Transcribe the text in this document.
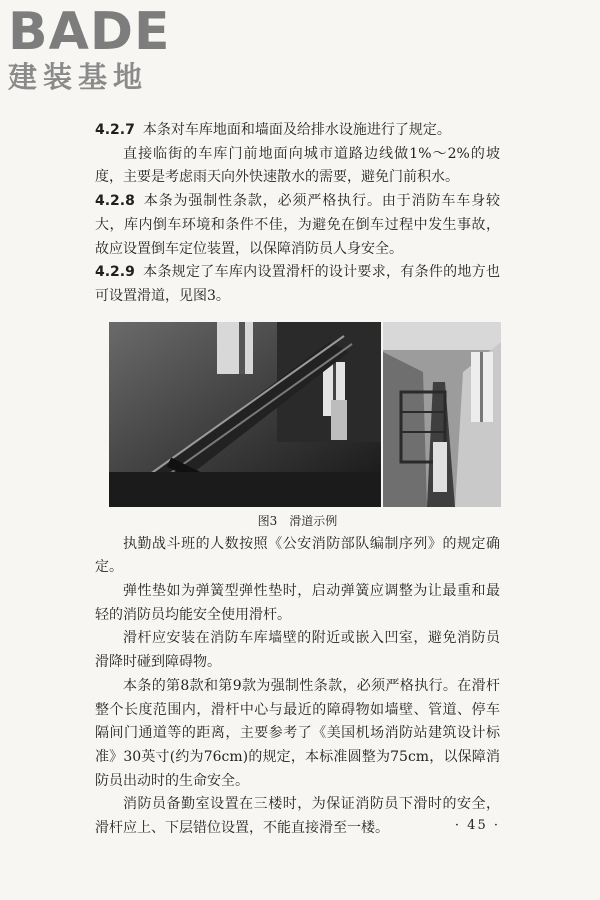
BADE
建装基地

4.2.7 本条对车库地面和墙面及给排水设施进行了规定。

直接临街的车库门前地面向城市道路边线做1%～2%的坡度，主要是考虑雨天向外快速散水的需要，避免门前积水。

4.2.8 本条为强制性条款，必须严格执行。由于消防车车身较大，库内倒车环境和条件不佳，为避免在倒车过程中发生事故，故应设置倒车定位装置，以保障消防员人身安全。

4.2.9 本条规定了车库内设置滑杆的设计要求，有条件的地方也可设置滑道，见图3。

图3　滑道示例

执勤战斗班的人数按照《公安消防部队编制序列》的规定确定。

弹性垫如为弹簧型弹性垫时，启动弹簧应调整为让最重和最轻的消防员均能安全使用滑杆。

滑杆应安装在消防车库墙壁的附近或嵌入凹室，避免消防员滑降时碰到障碍物。

本条的第8款和第9款为强制性条款，必须严格执行。在滑杆整个长度范围内，滑杆中心与最近的障碍物如墙壁、管道、停车隔间门通道等的距离，主要参考了《美国机场消防站建筑设计标准》30英寸(约为76cm)的规定，本标准圆整为75cm，以保障消防员出动时的生命安全。

消防员备勤室设置在三楼时，为保证消防员下滑时的安全，滑杆应上、下层错位设置，不能直接滑至一楼。	· 45 ·
